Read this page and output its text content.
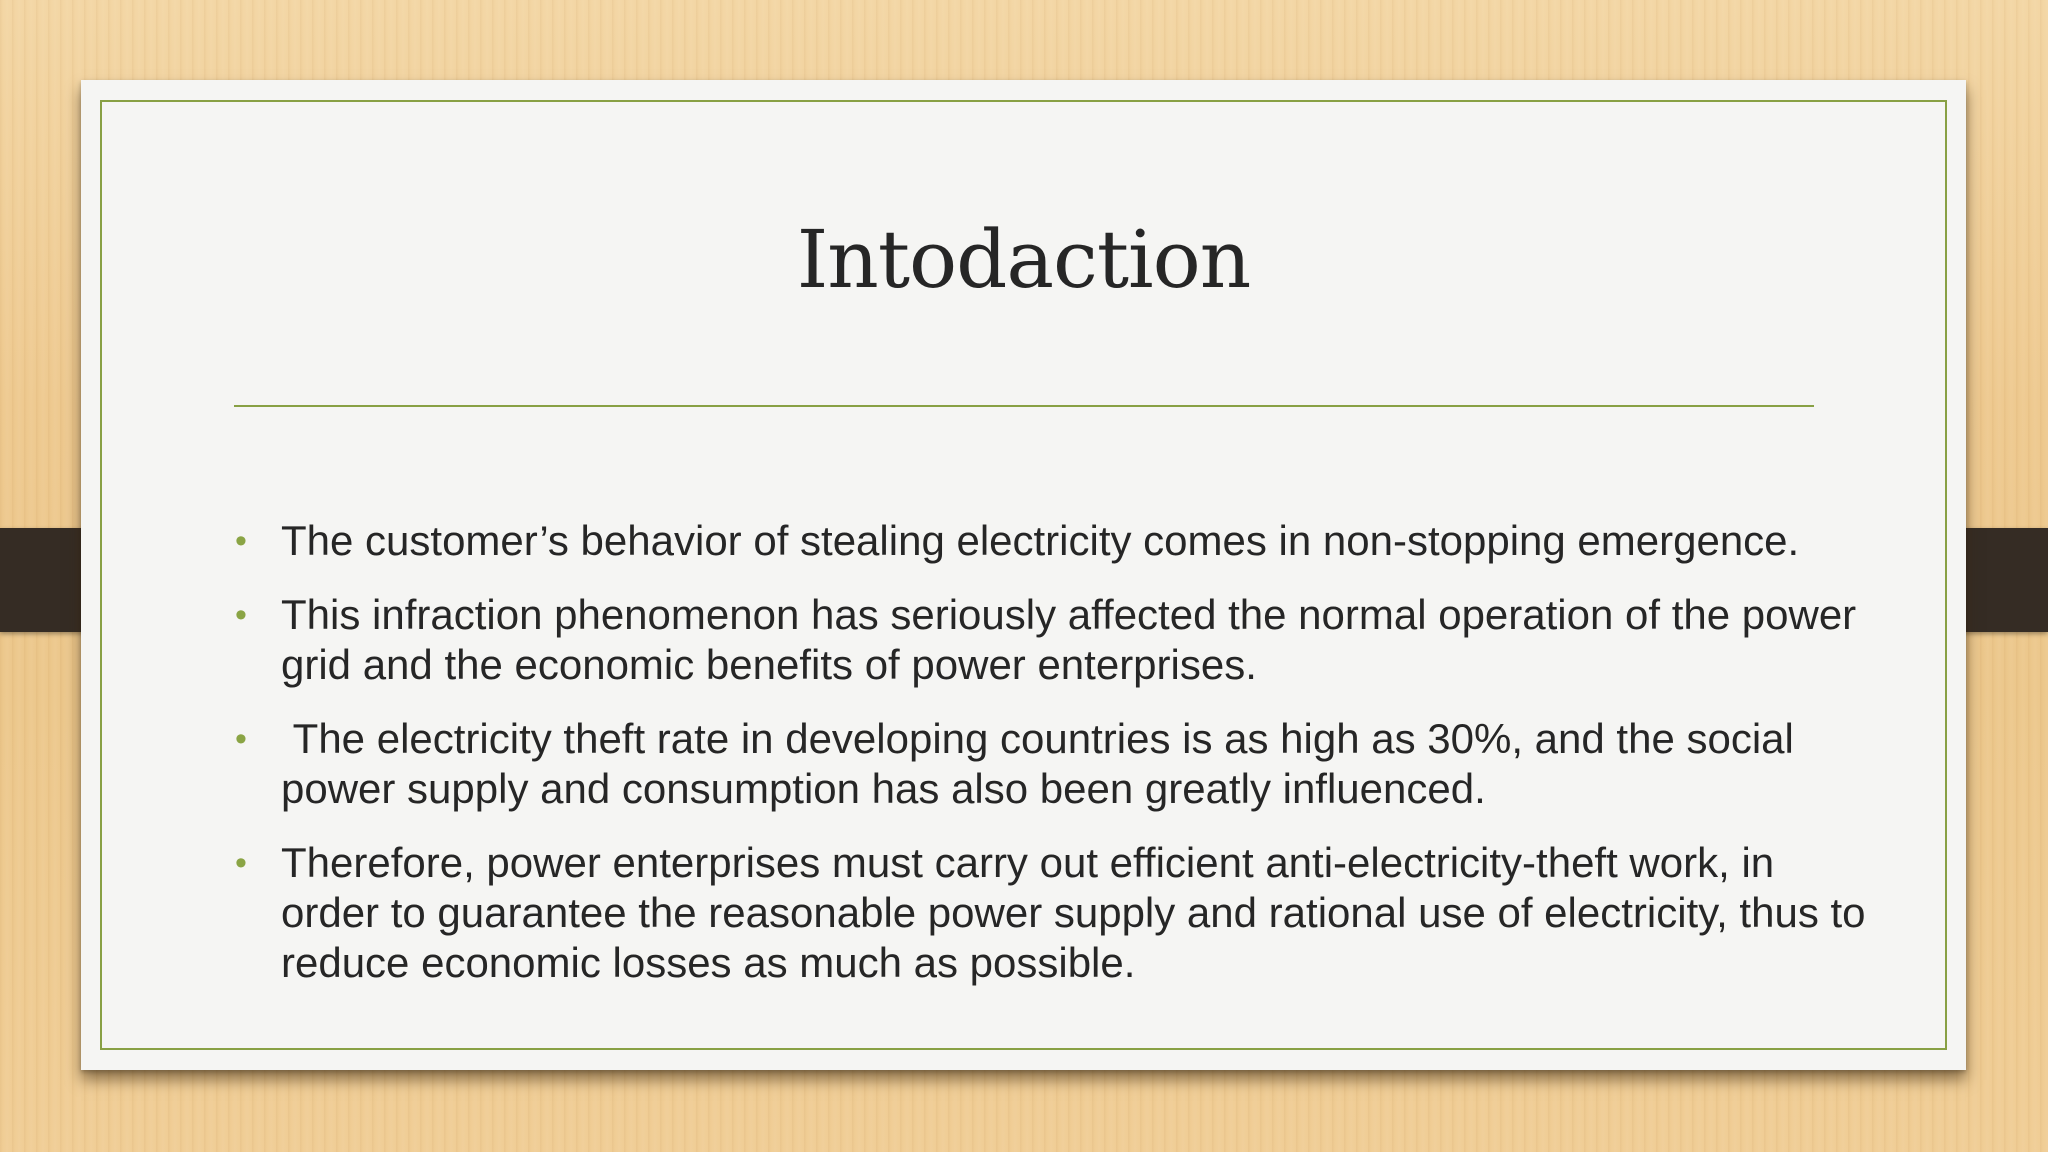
Intodaction
• The customer’s behavior of stealing electricity comes in non-stopping emergence.
• This infraction phenomenon has seriously affected the normal operation of the power grid and the economic benefits of power enterprises.
• The electricity theft rate in developing countries is as high as 30%, and the social power supply and consumption has also been greatly influenced.
• Therefore, power enterprises must carry out efficient anti-electricity-theft work, in order to guarantee the reasonable power supply and rational use of electricity, thus to reduce economic losses as much as possible.
